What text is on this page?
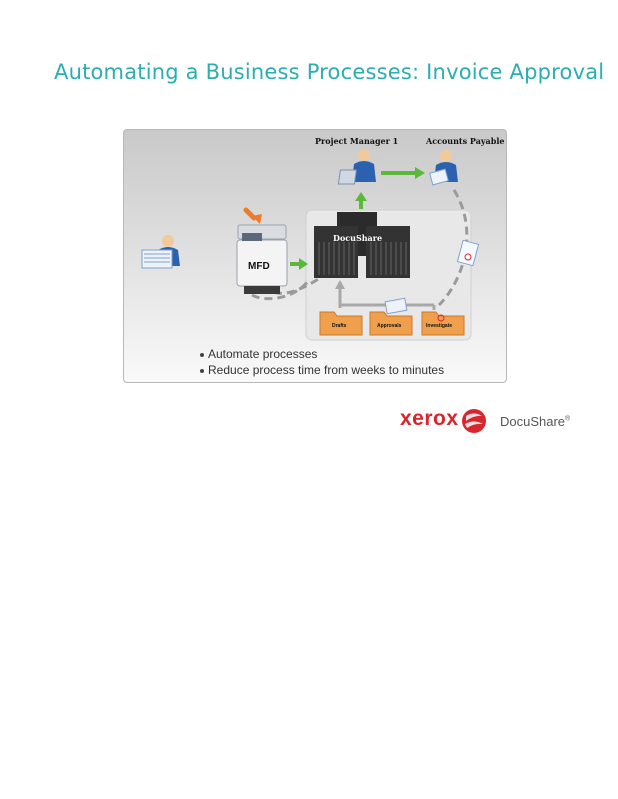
Automating a Business Processes: Invoice Approval
Project Manager 1	Accounts Payable
MFD
DocuShare
Drafts	Approvals	Investigate
Automate processes
Reduce process time from weeks to minutes
xerox	DocuShare®
